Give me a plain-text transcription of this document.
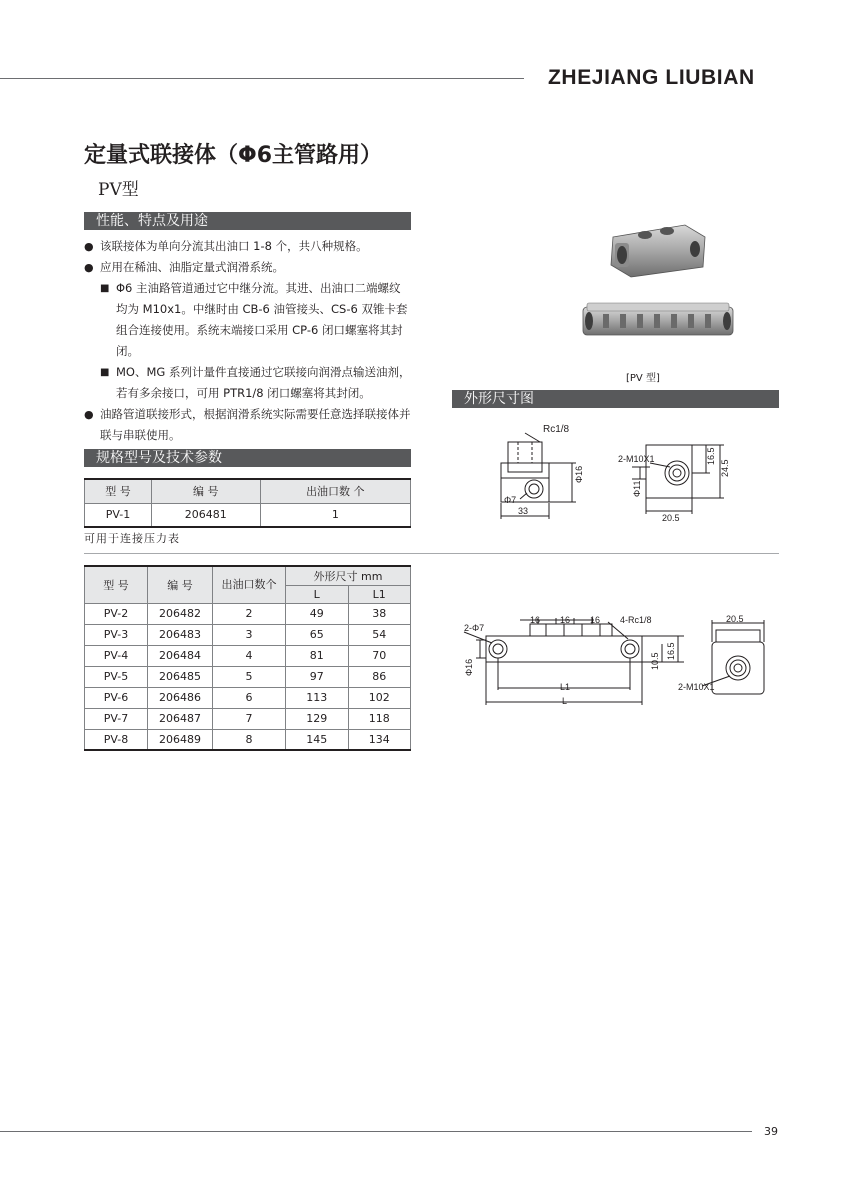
ZHEJIANG LIUBIAN
定量式联接体（Φ6主管路用）
PV型
性能、特点及用途
● 该联接体为单向分流其出油口 1-8 个，共八种规格。
● 应用在稀油、油脂定量式润滑系统。
■ Φ6 主油路管道通过它中继分流。其进、出油口二端螺纹均为 M10x1。中继时由 CB-6 油管接头、CS-6 双锥卡套组合连接使用。系统末端接口采用 CP-6 闭口螺塞将其封闭。
■ MO、MG 系列计量件直接通过它联接向润滑点输送油剂，若有多余接口，可用 PTR1/8 闭口螺塞将其封闭。
● 油路管道联接形式，根据润滑系统实际需要任意选择联接体并联与串联使用。
规格型号及技术参数
型 号	编 号	出油口数 个
PV-1	206481	1
可用于连接压力表
型 号	编 号	出油口数个	外形尺寸 mm	
			L	L1
PV-2	206482	2	49	38
PV-3	206483	3	65	54
PV-4	206484	4	81	70
PV-5	206485	5	97	86
PV-6	206486	6	113	102
PV-7	206487	7	129	118
PV-8	206489	8	145	134
[PV 型]
外形尺寸图
Rc1/8
Φ16
Φ7
33
2-M10X1	16.5
24.5
Φ11
20.5
2-Φ7
16 16 16 4-Rc1/8
10.5
16.5
Φ16
L1
L
20.5
2-M10X1
39
